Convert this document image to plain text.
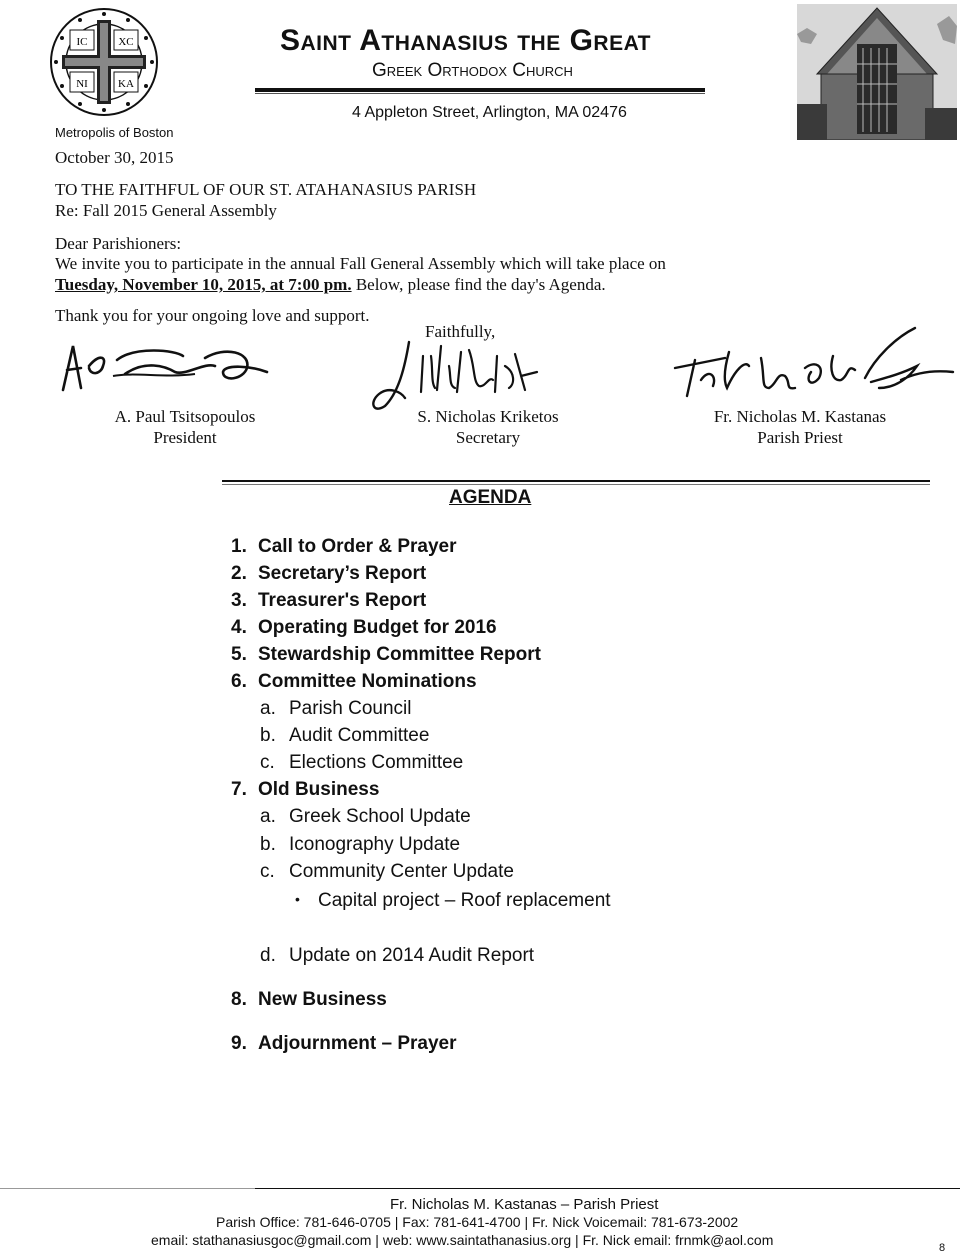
IC	XC
NI	KA
Saint Athanasius the Great
Greek Orthodox Church
4 Appleton Street, Arlington, MA 02476
Metropolis of Boston
October 30, 2015
TO THE FAITHFUL OF OUR ST. ATAHANASIUS PARISH
Re: Fall 2015 General Assembly
Dear Parishioners:
We invite you to participate in the annual Fall General Assembly which will take place on
Tuesday, November 10, 2015, at 7:00 pm. Below, please find the day's Agenda.
Thank you for your ongoing love and support.
Faithfully,
A. Paul Tsitsopoulos
President
S. Nicholas Kriketos
Secretary
Fr. Nicholas M. Kastanas
Parish Priest
AGENDA
1. Call to Order & Prayer
2. Secretary’s Report
3. Treasurer's Report
4. Operating Budget for 2016
5. Stewardship Committee Report
6. Committee Nominations
a. Parish Council
b. Audit Committee
c. Elections Committee
7. Old Business
a. Greek School Update
b. Iconography Update
c. Community Center Update
• Capital project – Roof replacement
d. Update on 2014 Audit Report
8. New Business
9. Adjournment – Prayer
Fr. Nicholas M. Kastanas – Parish Priest
Parish Office: 781-646-0705 | Fax: 781-641-4700 | Fr. Nick Voicemail: 781-673-2002
email: stathanasiusgoc@gmail.com | web: www.saintathanasius.org | Fr. Nick email: frnmk@aol.com	8
